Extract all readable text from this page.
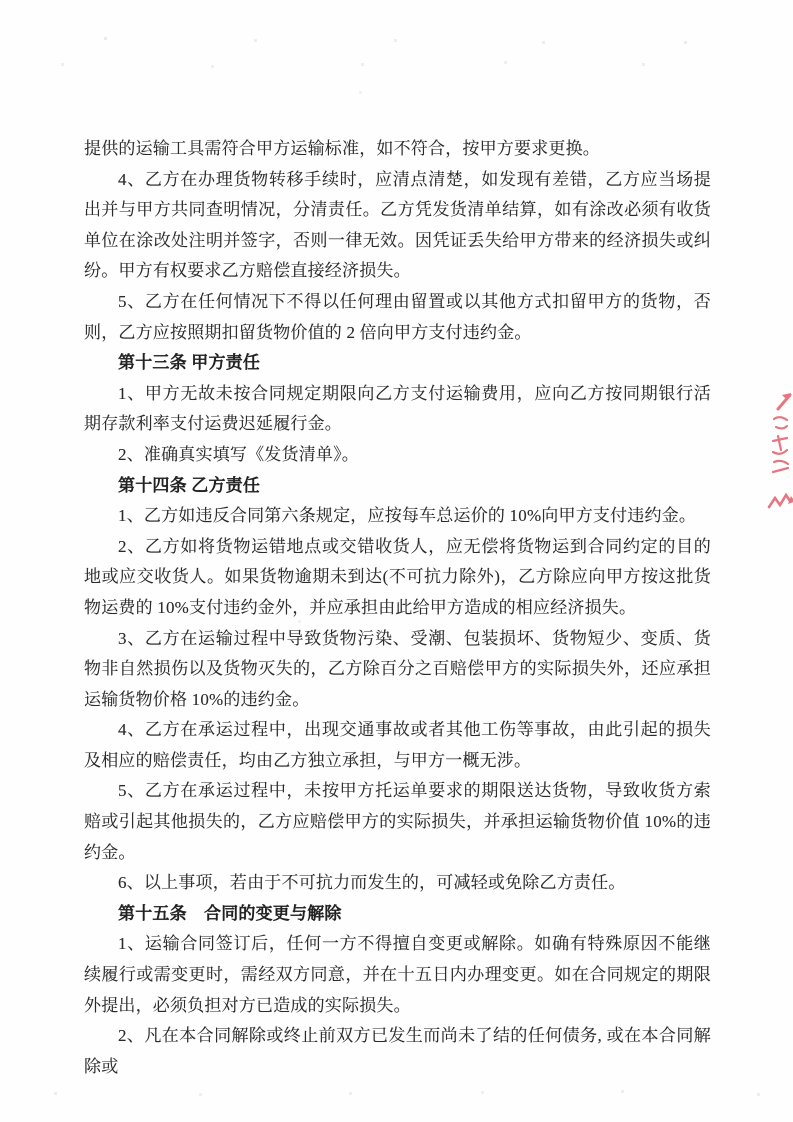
提供的运输工具需符合甲方运输标准，如不符合，按甲方要求更换。

4、乙方在办理货物转移手续时，应清点清楚，如发现有差错，乙方应当场提出并与甲方共同查明情况，分清责任。乙方凭发货清单结算，如有涂改必须有收货单位在涂改处注明并签字，否则一律无效。因凭证丢失给甲方带来的经济损失或纠纷。甲方有权要求乙方赔偿直接经济损失。

5、乙方在任何情况下不得以任何理由留置或以其他方式扣留甲方的货物，否则，乙方应按照期扣留货物价值的 2 倍向甲方支付违约金。

第十三条 甲方责任

1、甲方无故未按合同规定期限向乙方支付运输费用，应向乙方按同期银行活期存款利率支付运费迟延履行金。

2、准确真实填写《发货清单》。

第十四条 乙方责任

1、乙方如违反合同第六条规定，应按每车总运价的 10%向甲方支付违约金。

2、乙方如将货物运错地点或交错收货人，应无偿将货物运到合同约定的目的地或应交收货人。如果货物逾期未到达(不可抗力除外)，乙方除应向甲方按这批货物运费的 10%支付违约金外，并应承担由此给甲方造成的相应经济损失。

3、乙方在运输过程中导致货物污染、受潮、包装损坏、货物短少、变质、货物非自然损伤以及货物灭失的，乙方除百分之百赔偿甲方的实际损失外，还应承担运输货物价格 10%的违约金。

4、乙方在承运过程中，出现交通事故或者其他工伤等事故，由此引起的损失及相应的赔偿责任，均由乙方独立承担，与甲方一概无涉。

5、乙方在承运过程中，未按甲方托运单要求的期限送达货物，导致收货方索赔或引起其他损失的，乙方应赔偿甲方的实际损失，并承担运输货物价值 10%的违约金。

6、以上事项，若由于不可抗力而发生的，可减轻或免除乙方责任。

第十五条　合同的变更与解除

1、运输合同签订后，任何一方不得擅自变更或解除。如确有特殊原因不能继续履行或需变更时，需经双方同意，并在十五日内办理变更。如在合同规定的期限外提出，必须负担对方已造成的实际损失。

2、凡在本合同解除或终止前双方已发生而尚未了结的任何债务, 或在本合同解除或
